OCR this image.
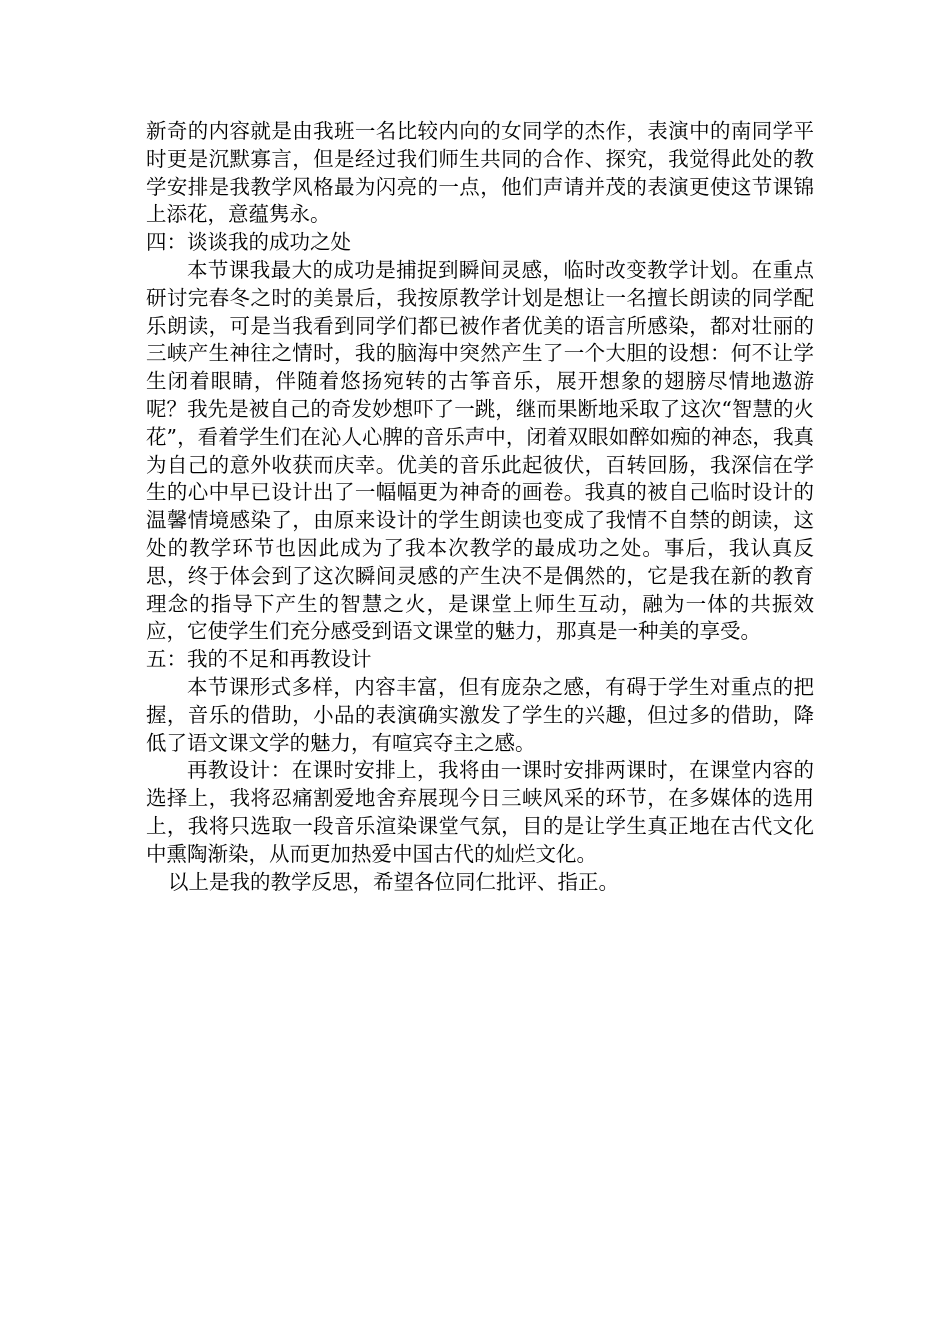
新奇的内容就是由我班一名比较内向的女同学的杰作，表演中的南同学平时更是沉默寡言，但是经过我们师生共同的合作、探究，我觉得此处的教学安排是我教学风格最为闪亮的一点，他们声请并茂的表演更使这节课锦上添花，意蕴隽永。

四：谈谈我的成功之处

本节课我最大的成功是捕捉到瞬间灵感，临时改变教学计划。在重点研讨完春冬之时的美景后，我按原教学计划是想让一名擅长朗读的同学配乐朗读，可是当我看到同学们都已被作者优美的语言所感染，都对壮丽的三峡产生神往之情时，我的脑海中突然产生了一个大胆的设想：何不让学生闭着眼睛，伴随着悠扬宛转的古筝音乐，展开想象的翅膀尽情地遨游呢？我先是被自己的奇发妙想吓了一跳，继而果断地采取了这次“智慧的火花”，看着学生们在沁人心脾的音乐声中，闭着双眼如醉如痴的神态，我真为自己的意外收获而庆幸。优美的音乐此起彼伏，百转回肠，我深信在学生的心中早已设计出了一幅幅更为神奇的画卷。我真的被自己临时设计的温馨情境感染了，由原来设计的学生朗读也变成了我情不自禁的朗读，这处的教学环节也因此成为了我本次教学的最成功之处。事后，我认真反思，终于体会到了这次瞬间灵感的产生决不是偶然的，它是我在新的教育理念的指导下产生的智慧之火，是课堂上师生互动，融为一体的共振效应，它使学生们充分感受到语文课堂的魅力，那真是一种美的享受。

五：我的不足和再教设计

本节课形式多样，内容丰富，但有庞杂之感，有碍于学生对重点的把握，音乐的借助，小品的表演确实激发了学生的兴趣，但过多的借助，降低了语文课文学的魅力，有喧宾夺主之感。

再教设计：在课时安排上，我将由一课时安排两课时，在课堂内容的选择上，我将忍痛割爱地舍弃展现今日三峡风采的环节，在多媒体的选用上，我将只选取一段音乐渲染课堂气氛，目的是让学生真正地在古代文化中熏陶渐染，从而更加热爱中国古代的灿烂文化。

以上是我的教学反思，希望各位同仁批评、指正。
